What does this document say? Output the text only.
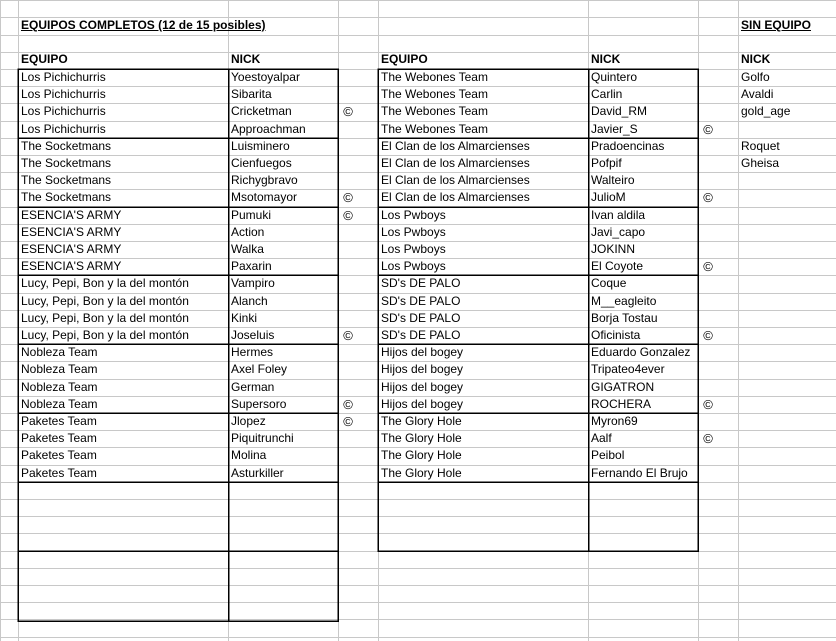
EQUIPOS COMPLETOS (12 de 15 posibles)	SIN EQUIPO
EQUIPO	NICK	EQUIPO	NICK	NICK
Los Pichichurris	Yoestoyalpar
Los Pichichurris	Sibarita
Los Pichichurris	Cricketman	©
Los Pichichurris	Approachman
The Socketmans	Luisminero
The Socketmans	Cienfuegos
The Socketmans	Richygbravo
The Socketmans	Msotomayor	©
ESENCIA'S ARMY	Pumuki	©
ESENCIA'S ARMY	Action
ESENCIA'S ARMY	Walka
ESENCIA'S ARMY	Paxarin
Lucy, Pepi, Bon y la del montón	Vampiro
Lucy, Pepi, Bon y la del montón	Alanch
Lucy, Pepi, Bon y la del montón	Kinki
Lucy, Pepi, Bon y la del montón	Joseluis	©
Nobleza Team	Hermes
Nobleza Team	Axel Foley
Nobleza Team	German
Nobleza Team	Supersoro	©
Paketes Team	Jlopez	©
Paketes Team	Piquitrunchi
Paketes Team	Molina
Paketes Team	Asturkiller
The Webones Team	Quintero
The Webones Team	Carlin
The Webones Team	David_RM
The Webones Team	Javier_S	©
El Clan de los Almarcienses	Pradoencinas
El Clan de los Almarcienses	Pofpif
El Clan de los Almarcienses	Walteiro
El Clan de los Almarcienses	JulioM	©
Los Pwboys	Ivan aldila
Los Pwboys	Javi_capo
Los Pwboys	JOKINN
Los Pwboys	El Coyote	©
SD's DE PALO	Coque
SD's DE PALO	M__eagleito
SD's DE PALO	Borja Tostau
SD's DE PALO	Oficinista	©
Hijos del bogey	Eduardo Gonzalez
Hijos del bogey	Tripateo4ever
Hijos del bogey	GIGATRON
Hijos del bogey	ROCHERA	©
The Glory Hole	Myron69
The Glory Hole	Aalf	©
The Glory Hole	Peibol
The Glory Hole	Fernando El Brujo
Golfo
Avaldi
gold_age
Roquet
Gheisa
